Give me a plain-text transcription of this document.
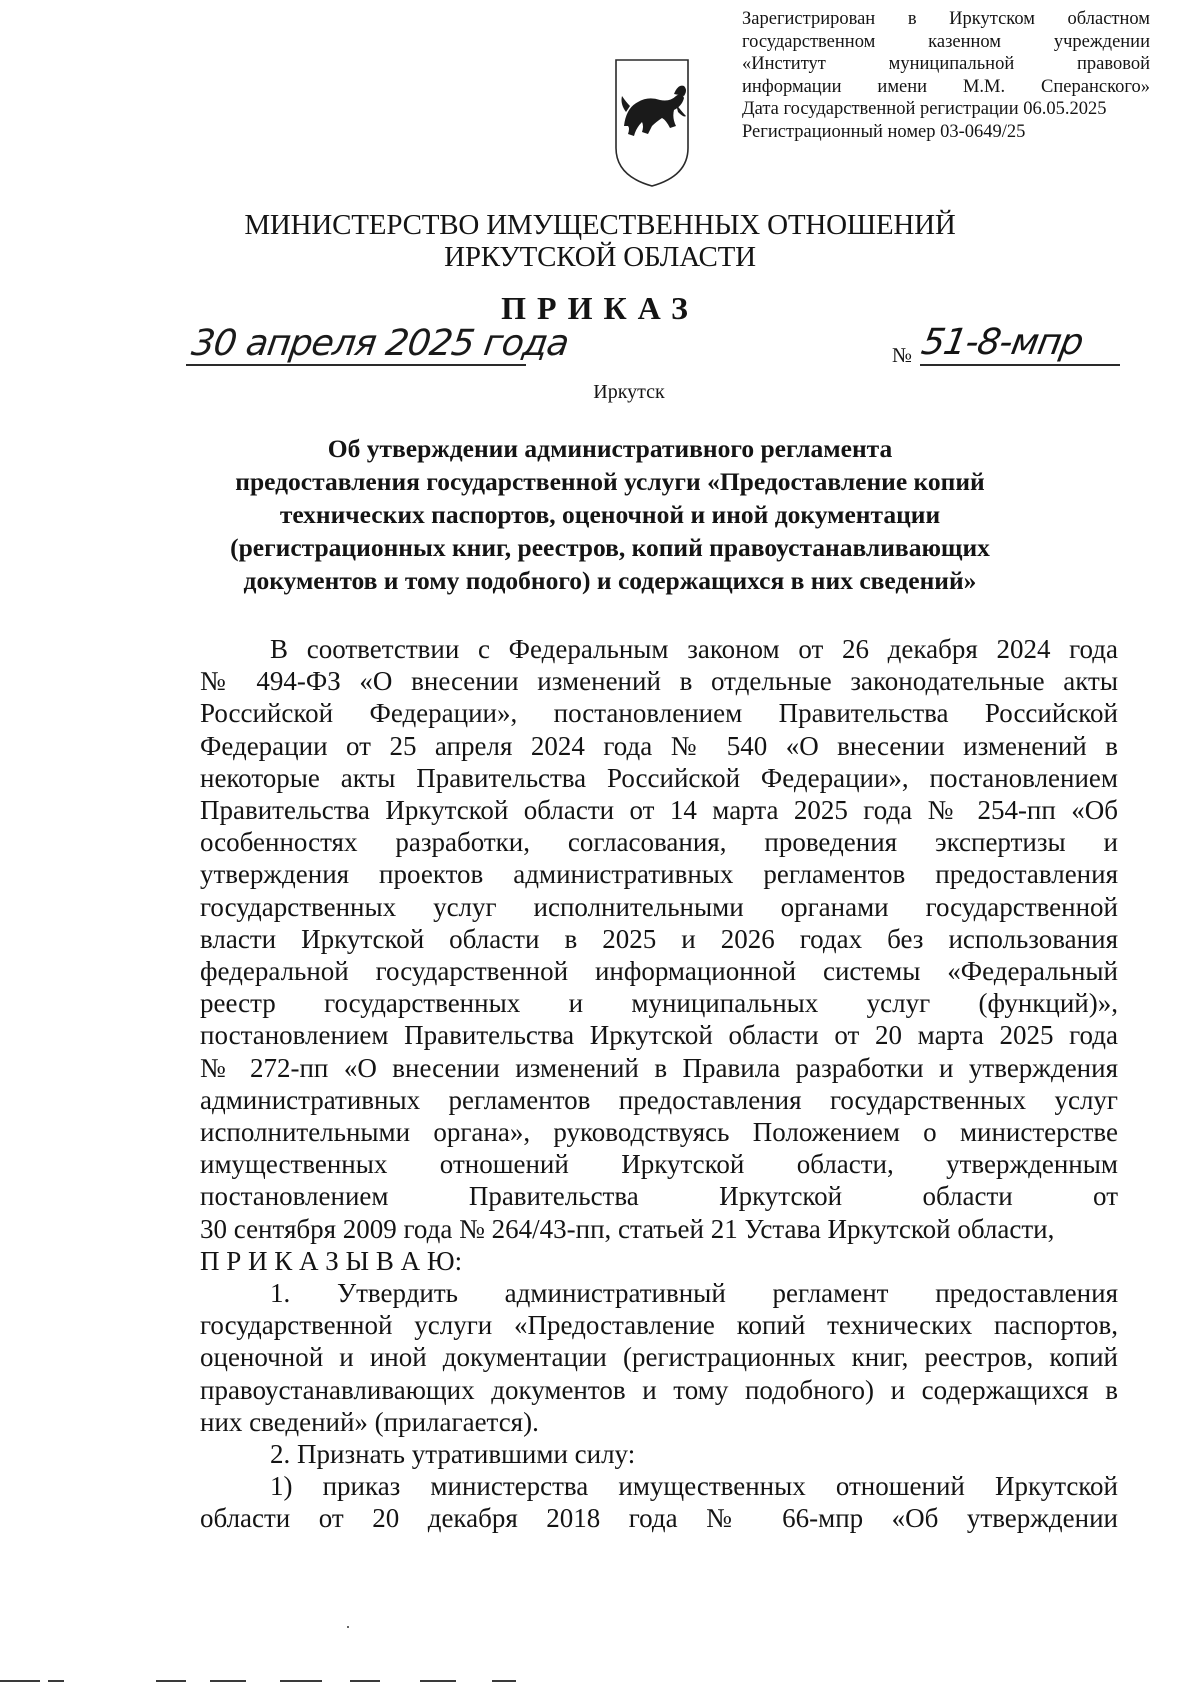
Зарегистрирован в Иркутском областном
государственном казенном учреждении
«Институт муниципальной правовой
информации имени М.М. Сперанского»
Дата государственной регистрации 06.05.2025
Регистрационный номер 03-0649/25
МИНИСТЕРСТВО ИМУЩЕСТВЕННЫХ ОТНОШЕНИЙ
ИРКУТСКОЙ ОБЛАСТИ
ПРИКАЗ
30 апреля 2025 года	№ 51-8-мпр
Иркутск
Об утверждении административного регламента
предоставления государственной услуги «Предоставление копий
технических паспортов, оценочной и иной документации
(регистрационных книг, реестров, копий правоустанавливающих
документов и тому подобного) и содержащихся в них сведений»
В соответствии с Федеральным законом от 26 декабря 2024 года
№ 494-ФЗ «О внесении изменений в отдельные законодательные акты
Российской Федерации», постановлением Правительства Российской
Федерации от 25 апреля 2024 года № 540 «О внесении изменений в
некоторые акты Правительства Российской Федерации», постановлением
Правительства Иркутской области от 14 марта 2025 года № 254-пп «Об
особенностях разработки, согласования, проведения экспертизы и
утверждения проектов административных регламентов предоставления
государственных услуг исполнительными органами государственной
власти Иркутской области в 2025 и 2026 годах без использования
федеральной государственной информационной системы «Федеральный
реестр государственных и муниципальных услуг (функций)»,
постановлением Правительства Иркутской области от 20 марта 2025 года
№ 272-пп «О внесении изменений в Правила разработки и утверждения
административных регламентов предоставления государственных услуг
исполнительными органа», руководствуясь Положением о министерстве
имущественных отношений Иркутской области, утвержденным
постановлением Правительства Иркутской области от
30 сентября 2009 года № 264/43-пп, статьей 21 Устава Иркутской области,
П Р И К А З Ы В А Ю:
1. Утвердить административный регламент предоставления
государственной услуги «Предоставление копий технических паспортов,
оценочной и иной документации (регистрационных книг, реестров, копий
правоустанавливающих документов и тому подобного) и содержащихся в
них сведений» (прилагается).
2. Признать утратившими силу:
1) приказ министерства имущественных отношений Иркутской
области от 20 декабря 2018 года № 66-мпр «Об утверждении
